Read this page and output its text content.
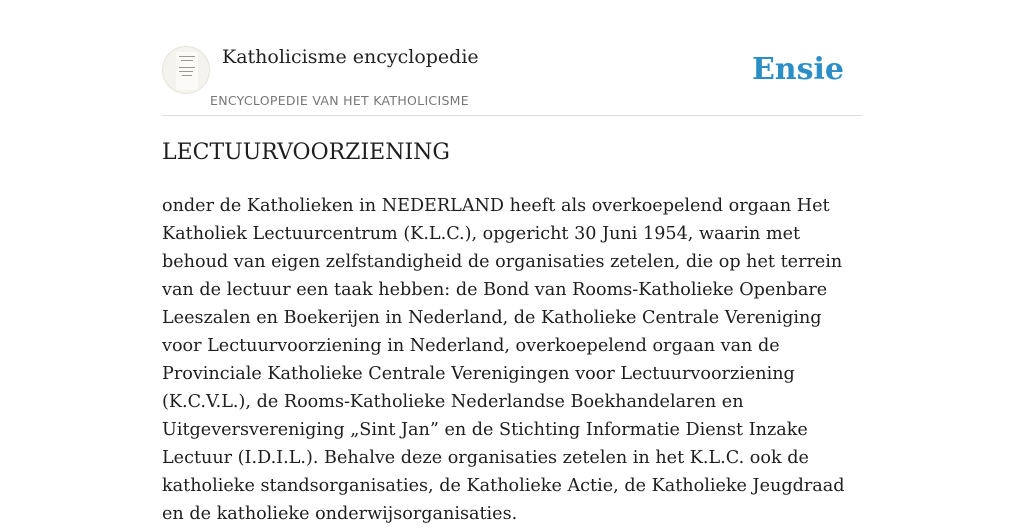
Katholicisme encyclopedie
ENCYCLOPEDIE VAN HET KATHOLICISME
Ensie
LECTUURVOORZIENING

onder de Katholieken in NEDERLAND heeft als overkoepelend orgaan Het Katholiek Lectuurcentrum (K.L.C.), opgericht 30 Juni 1954, waarin met behoud van eigen zelfstandigheid de organisaties zetelen, die op het terrein van de lectuur een taak hebben: de Bond van Rooms-Katholieke Openbare Leeszalen en Boekerijen in Nederland, de Katholieke Centrale Vereniging voor Lectuurvoorziening in Nederland, overkoepelend orgaan van de Provinciale Katholieke Centrale Verenigingen voor Lectuurvoorziening (K.C.V.L.), de Rooms-Katholieke Nederlandse Boekhandelaren en Uitgeversvereniging „Sint Jan” en de Stichting Informatie Dienst Inzake Lectuur (I.D.I.L.). Behalve deze organisaties zetelen in het K.L.C. ook de katholieke standsorganisaties, de Katholieke Actie, de Katholieke Jeugdraad en de katholieke onderwijsorganisaties.
